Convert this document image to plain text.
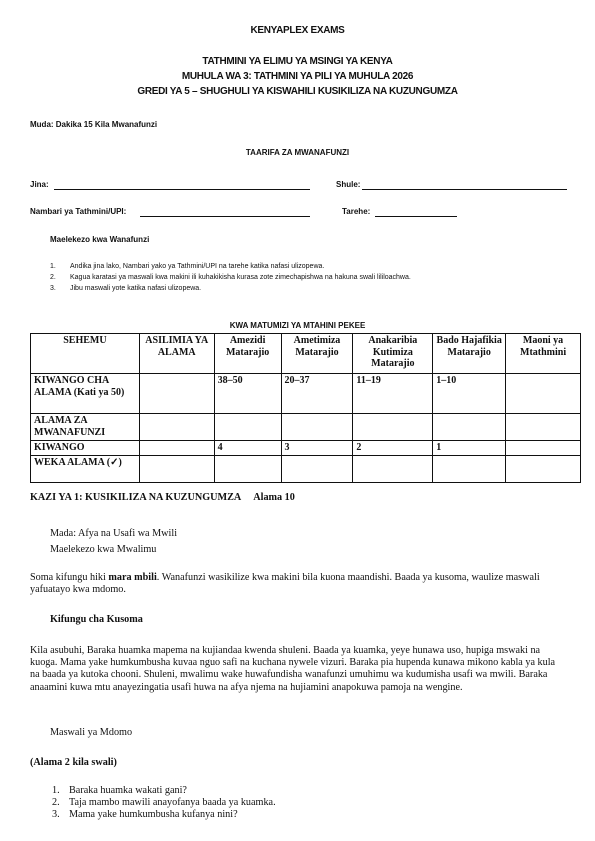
KENYAPLEX EXAMS
TATHMINI YA ELIMU YA MSINGI YA KENYA
MUHULA WA 3: TATHMINI YA PILI YA MUHULA 2026
GREDI YA 5 – SHUGHULI YA KISWAHILI KUSIKILIZA NA KUZUNGUMZA
Muda: Dakika 15 Kila Mwanafunzi
TAARIFA ZA MWANAFUNZI
Jina:	Shule:
Nambari ya Tathmini/UPI:	Tarehe:
Maelekezo kwa Wanafunzi
1. Andika jina lako, Nambari yako ya Tathmini/UPI na tarehe katika nafasi ulizopewa.
2. Kagua karatasi ya maswali kwa makini ili kuhakikisha kurasa zote zimechapishwa na hakuna swali lililoachwa.
3. Jibu maswali yote katika nafasi ulizopewa.
KWA MATUMIZI YA MTAHINI PEKEE
SEHEMU	ASILIMIA YA ALAMA	Amezidi Matarajio	Ametimiza Matarajio	Anakaribia Kutimiza Matarajio	Bado Hajafikia Matarajio	Maoni ya Mtathmini
KIWANGO CHA ALAMA (Kati ya 50)		38–50	20–37	11–19	1–10	
ALAMA ZA MWANAFUNZI						
KIWANGO		4	3	2	1	
WEKA ALAMA (✓)						
KAZI YA 1: KUSIKILIZA NA KUZUNGUMZA Alama 10
Mada: Afya na Usafi wa Mwili
Maelekezo kwa Mwalimu
Soma kifungu hiki mara mbili. Wanafunzi wasikilize kwa makini bila kuona maandishi. Baada ya kusoma, waulize maswali yafuatayo kwa mdomo.
Kifungu cha Kusoma
Kila asubuhi, Baraka huamka mapema na kujiandaa kwenda shuleni. Baada ya kuamka, yeye hunawa uso, hupiga mswaki na kuoga. Mama yake humkumbusha kuvaa nguo safi na kuchana nywele vizuri. Baraka pia hupenda kunawa mikono kabla ya kula na baada ya kutoka chooni. Shuleni, mwalimu wake huwafundisha wanafunzi umuhimu wa kudumisha usafi wa mwili. Baraka anaamini kuwa mtu anayezingatia usafi huwa na afya njema na hujiamini anapokuwa pamoja na wengine.
Maswali ya Mdomo
(Alama 2 kila swali)
1. Baraka huamka wakati gani?
2. Taja mambo mawili anayofanya baada ya kuamka.
3. Mama yake humkumbusha kufanya nini?
